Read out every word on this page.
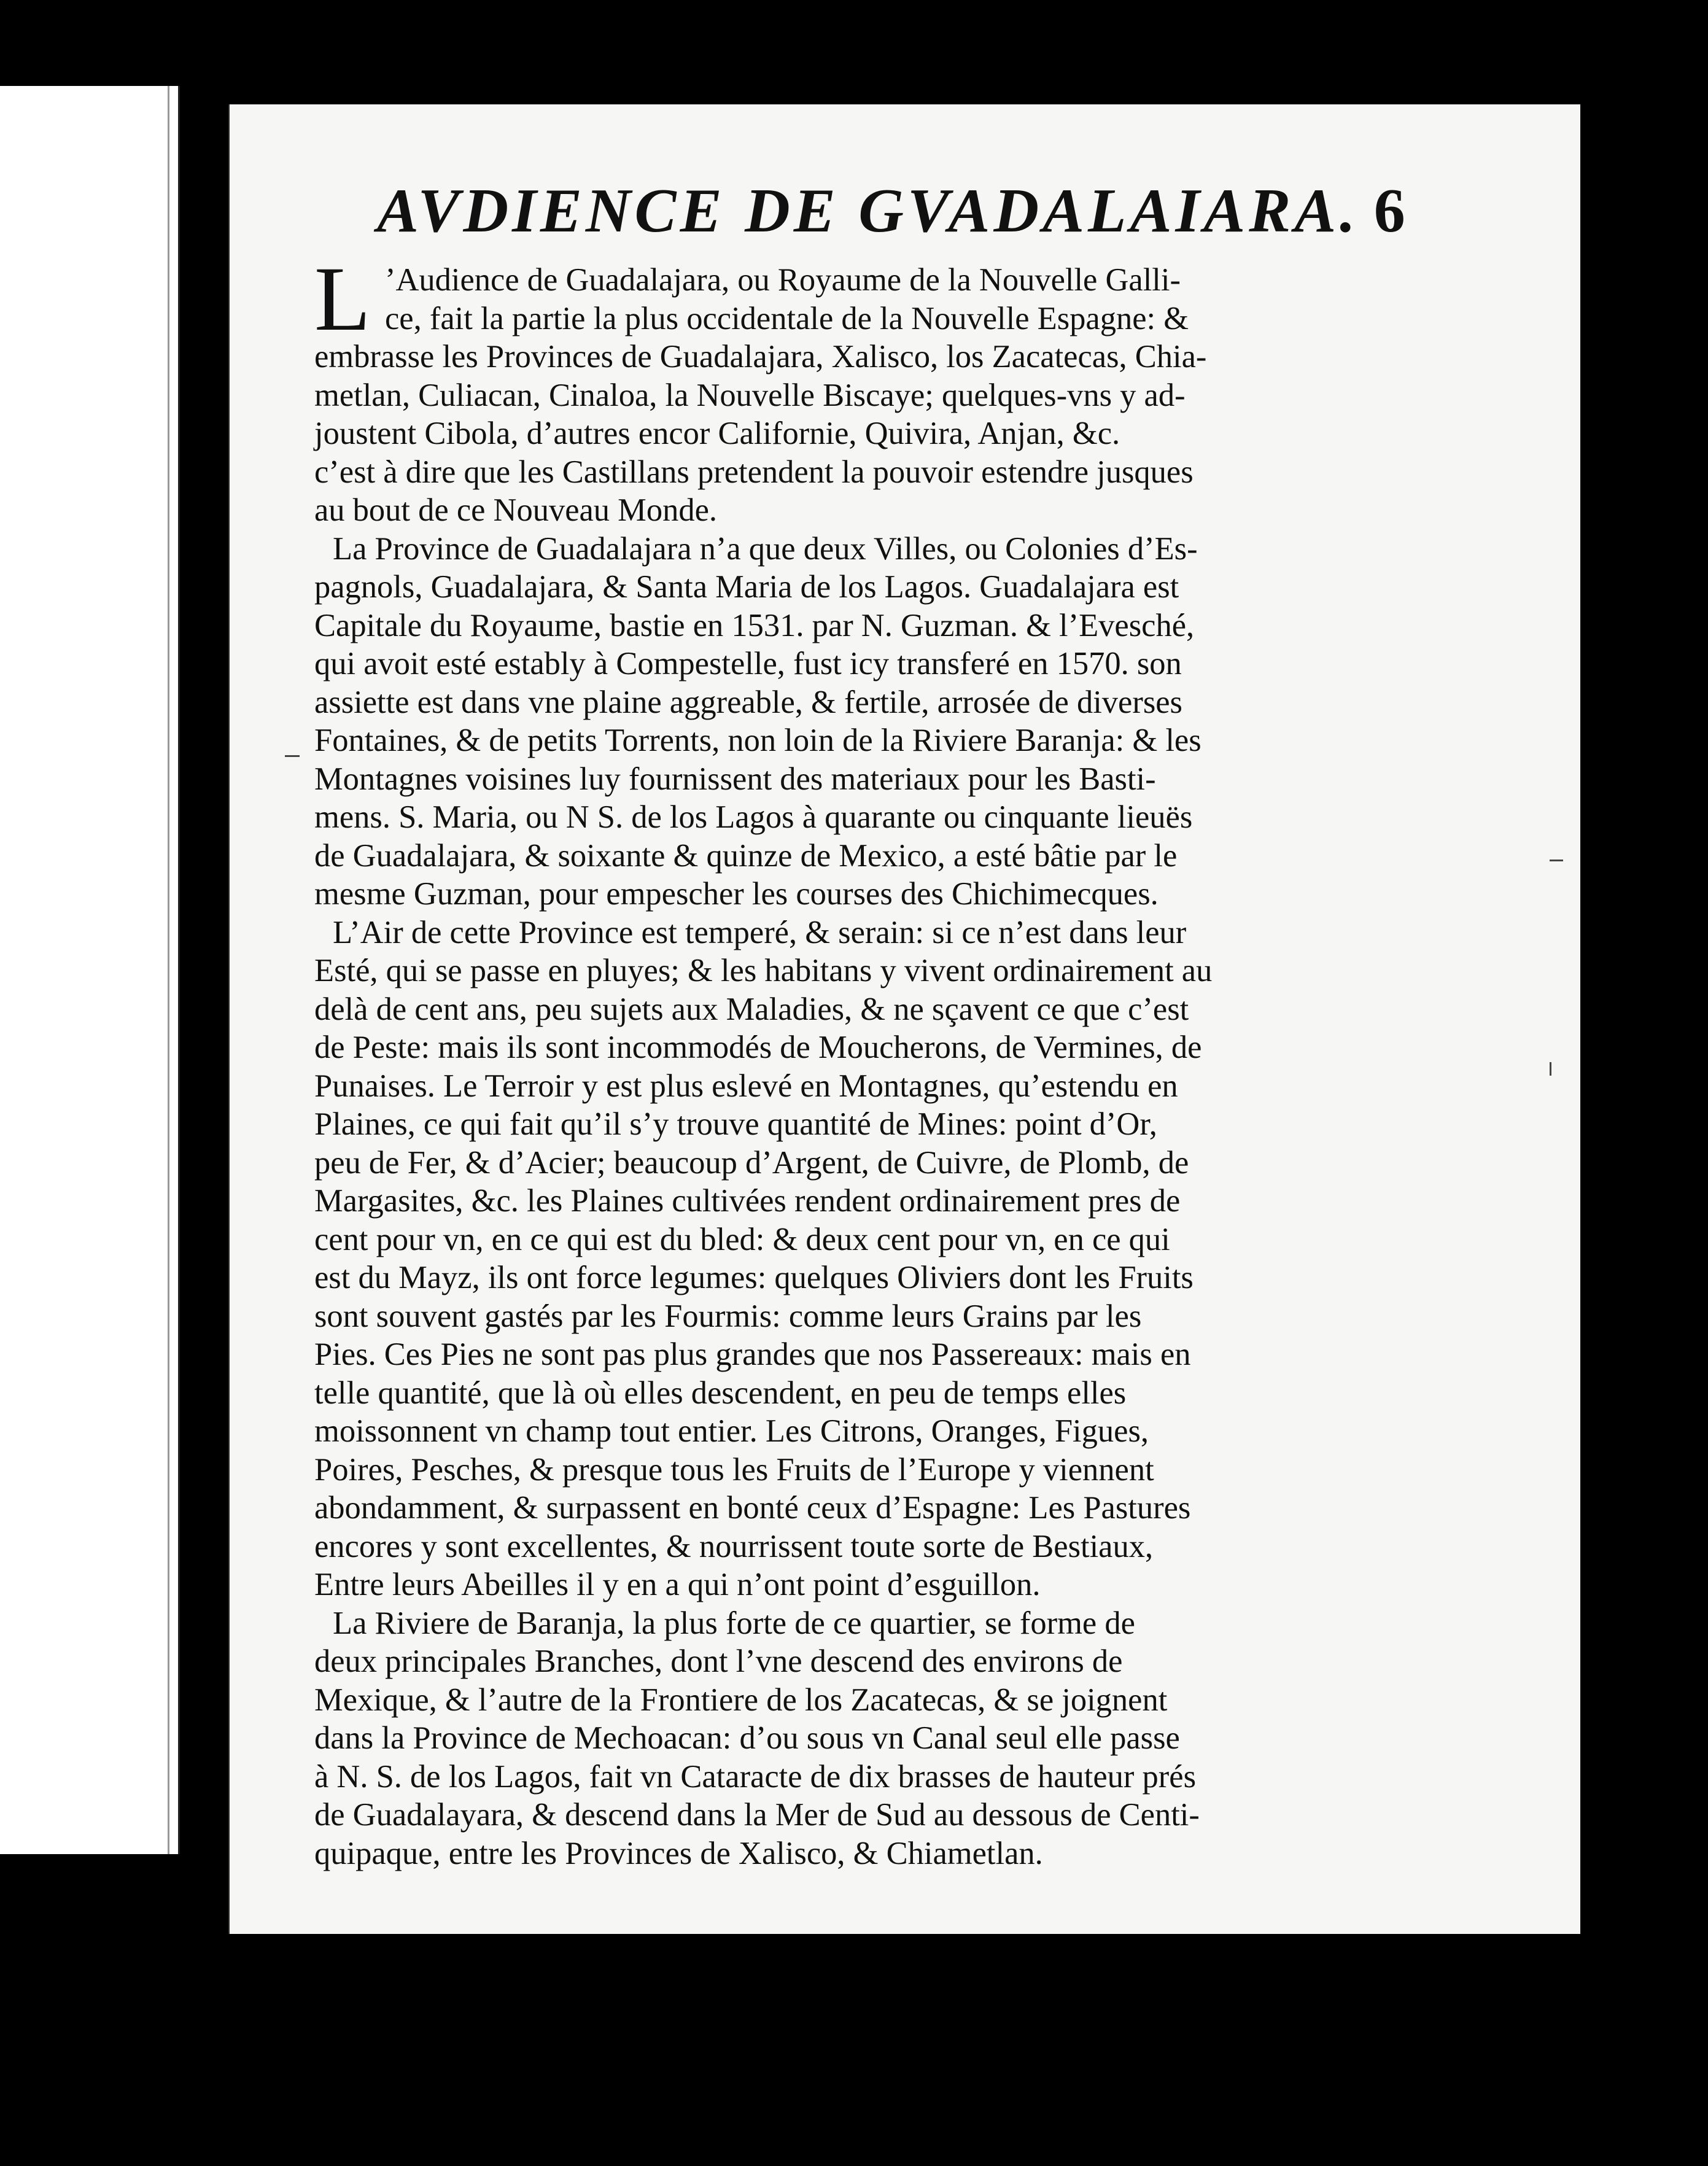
AVDIENCE DE GVADALAIARA. 6
L ’Audience de Guadalajara, ou Royaume de la Nouvelle Galli-
ce, fait la partie la plus occidentale de la Nouvelle Espagne: &
embrasse les Provinces de Guadalajara, Xalisco, los Zacatecas, Chia-
metlan, Culiacan, Cinaloa, la Nouvelle Biscaye; quelques-vns y ad-
joustent Cibola, d’autres encor Californie, Quivira, Anjan, &c.
c’est à dire que les Castillans pretendent la pouvoir estendre jusques
au bout de ce Nouveau Monde.
La Province de Guadalajara n’a que deux Villes, ou Colonies d’Es-
pagnols, Guadalajara, & Santa Maria de los Lagos. Guadalajara est
Capitale du Royaume, bastie en 1531. par N. Guzman. & l’Evesché,
qui avoit esté estably à Compestelle, fust icy transferé en 1570. son
assiette est dans vne plaine aggreable, & fertile, arrosée de diverses
Fontaines, & de petits Torrents, non loin de la Riviere Baranja: & les
Montagnes voisines luy fournissent des materiaux pour les Basti-
mens. S. Maria, ou N S. de los Lagos à quarante ou cinquante lieuës
de Guadalajara, & soixante & quinze de Mexico, a esté bâtie par le
mesme Guzman, pour empescher les courses des Chichimecques.
L’Air de cette Province est temperé, & serain: si ce n’est dans leur
Esté, qui se passe en pluyes; & les habitans y vivent ordinairement au
delà de cent ans, peu sujets aux Maladies, & ne sçavent ce que c’est
de Peste: mais ils sont incommodés de Moucherons, de Vermines, de
Punaises. Le Terroir y est plus eslevé en Montagnes, qu’estendu en
Plaines, ce qui fait qu’il s’y trouve quantité de Mines: point d’Or,
peu de Fer, & d’Acier; beaucoup d’Argent, de Cuivre, de Plomb, de
Margasites, &c. les Plaines cultivées rendent ordinairement pres de
cent pour vn, en ce qui est du bled: & deux cent pour vn, en ce qui
est du Mayz, ils ont force legumes: quelques Oliviers dont les Fruits
sont souvent gastés par les Fourmis: comme leurs Grains par les
Pies. Ces Pies ne sont pas plus grandes que nos Passereaux: mais en
telle quantité, que là où elles descendent, en peu de temps elles
moissonnent vn champ tout entier. Les Citrons, Oranges, Figues,
Poires, Pesches, & presque tous les Fruits de l’Europe y viennent
abondamment, & surpassent en bonté ceux d’Espagne: Les Pastures
encores y sont excellentes, & nourrissent toute sorte de Bestiaux,
Entre leurs Abeilles il y en a qui n’ont point d’esguillon.
La Riviere de Baranja, la plus forte de ce quartier, se forme de
deux principales Branches, dont l’vne descend des environs de
Mexique, & l’autre de la Frontiere de los Zacatecas, & se joignent
dans la Province de Mechoacan: d’ou sous vn Canal seul elle passe
à N. S. de los Lagos, fait vn Cataracte de dix brasses de hauteur prés
de Guadalayara, & descend dans la Mer de Sud au dessous de Centi-
quipaque, entre les Provinces de Xalisco, & Chiametlan.
